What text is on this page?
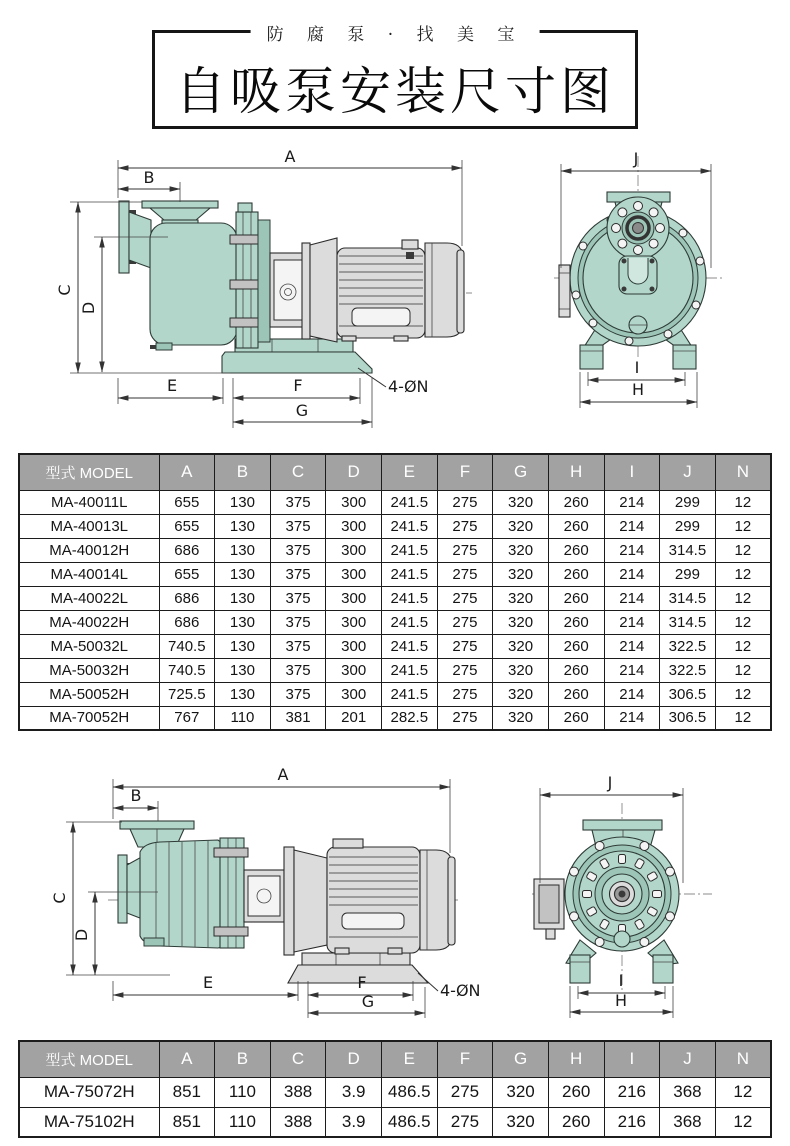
防 腐 泵 · 找 美 宝
自吸泵安装尺寸图
A
B
C
D
E	F
G
4-ØN
J
I
H
型式 MODEL	A	B	C	D	E	F	G	H	I	J	N
MA-40011L	655	130	375	300	241.5	275	320	260	214	299	12
MA-40013L	655	130	375	300	241.5	275	320	260	214	299	12
MA-40012H	686	130	375	300	241.5	275	320	260	214	314.5	12
MA-40014L	655	130	375	300	241.5	275	320	260	214	299	12
MA-40022L	686	130	375	300	241.5	275	320	260	214	314.5	12
MA-40022H	686	130	375	300	241.5	275	320	260	214	314.5	12
MA-50032L	740.5	130	375	300	241.5	275	320	260	214	322.5	12
MA-50032H	740.5	130	375	300	241.5	275	320	260	214	322.5	12
MA-50052H	725.5	130	375	300	241.5	275	320	260	214	306.5	12
MA-70052H	767	110	381	201	282.5	275	320	260	214	306.5	12
A
B
C
D
E	F
G
4-ØN
J
I
H
型式 MODEL	A	B	C	D	E	F	G	H	I	J	N
MA-75072H	851	110	388	3.9	486.5	275	320	260	216	368	12
MA-75102H	851	110	388	3.9	486.5	275	320	260	216	368	12
